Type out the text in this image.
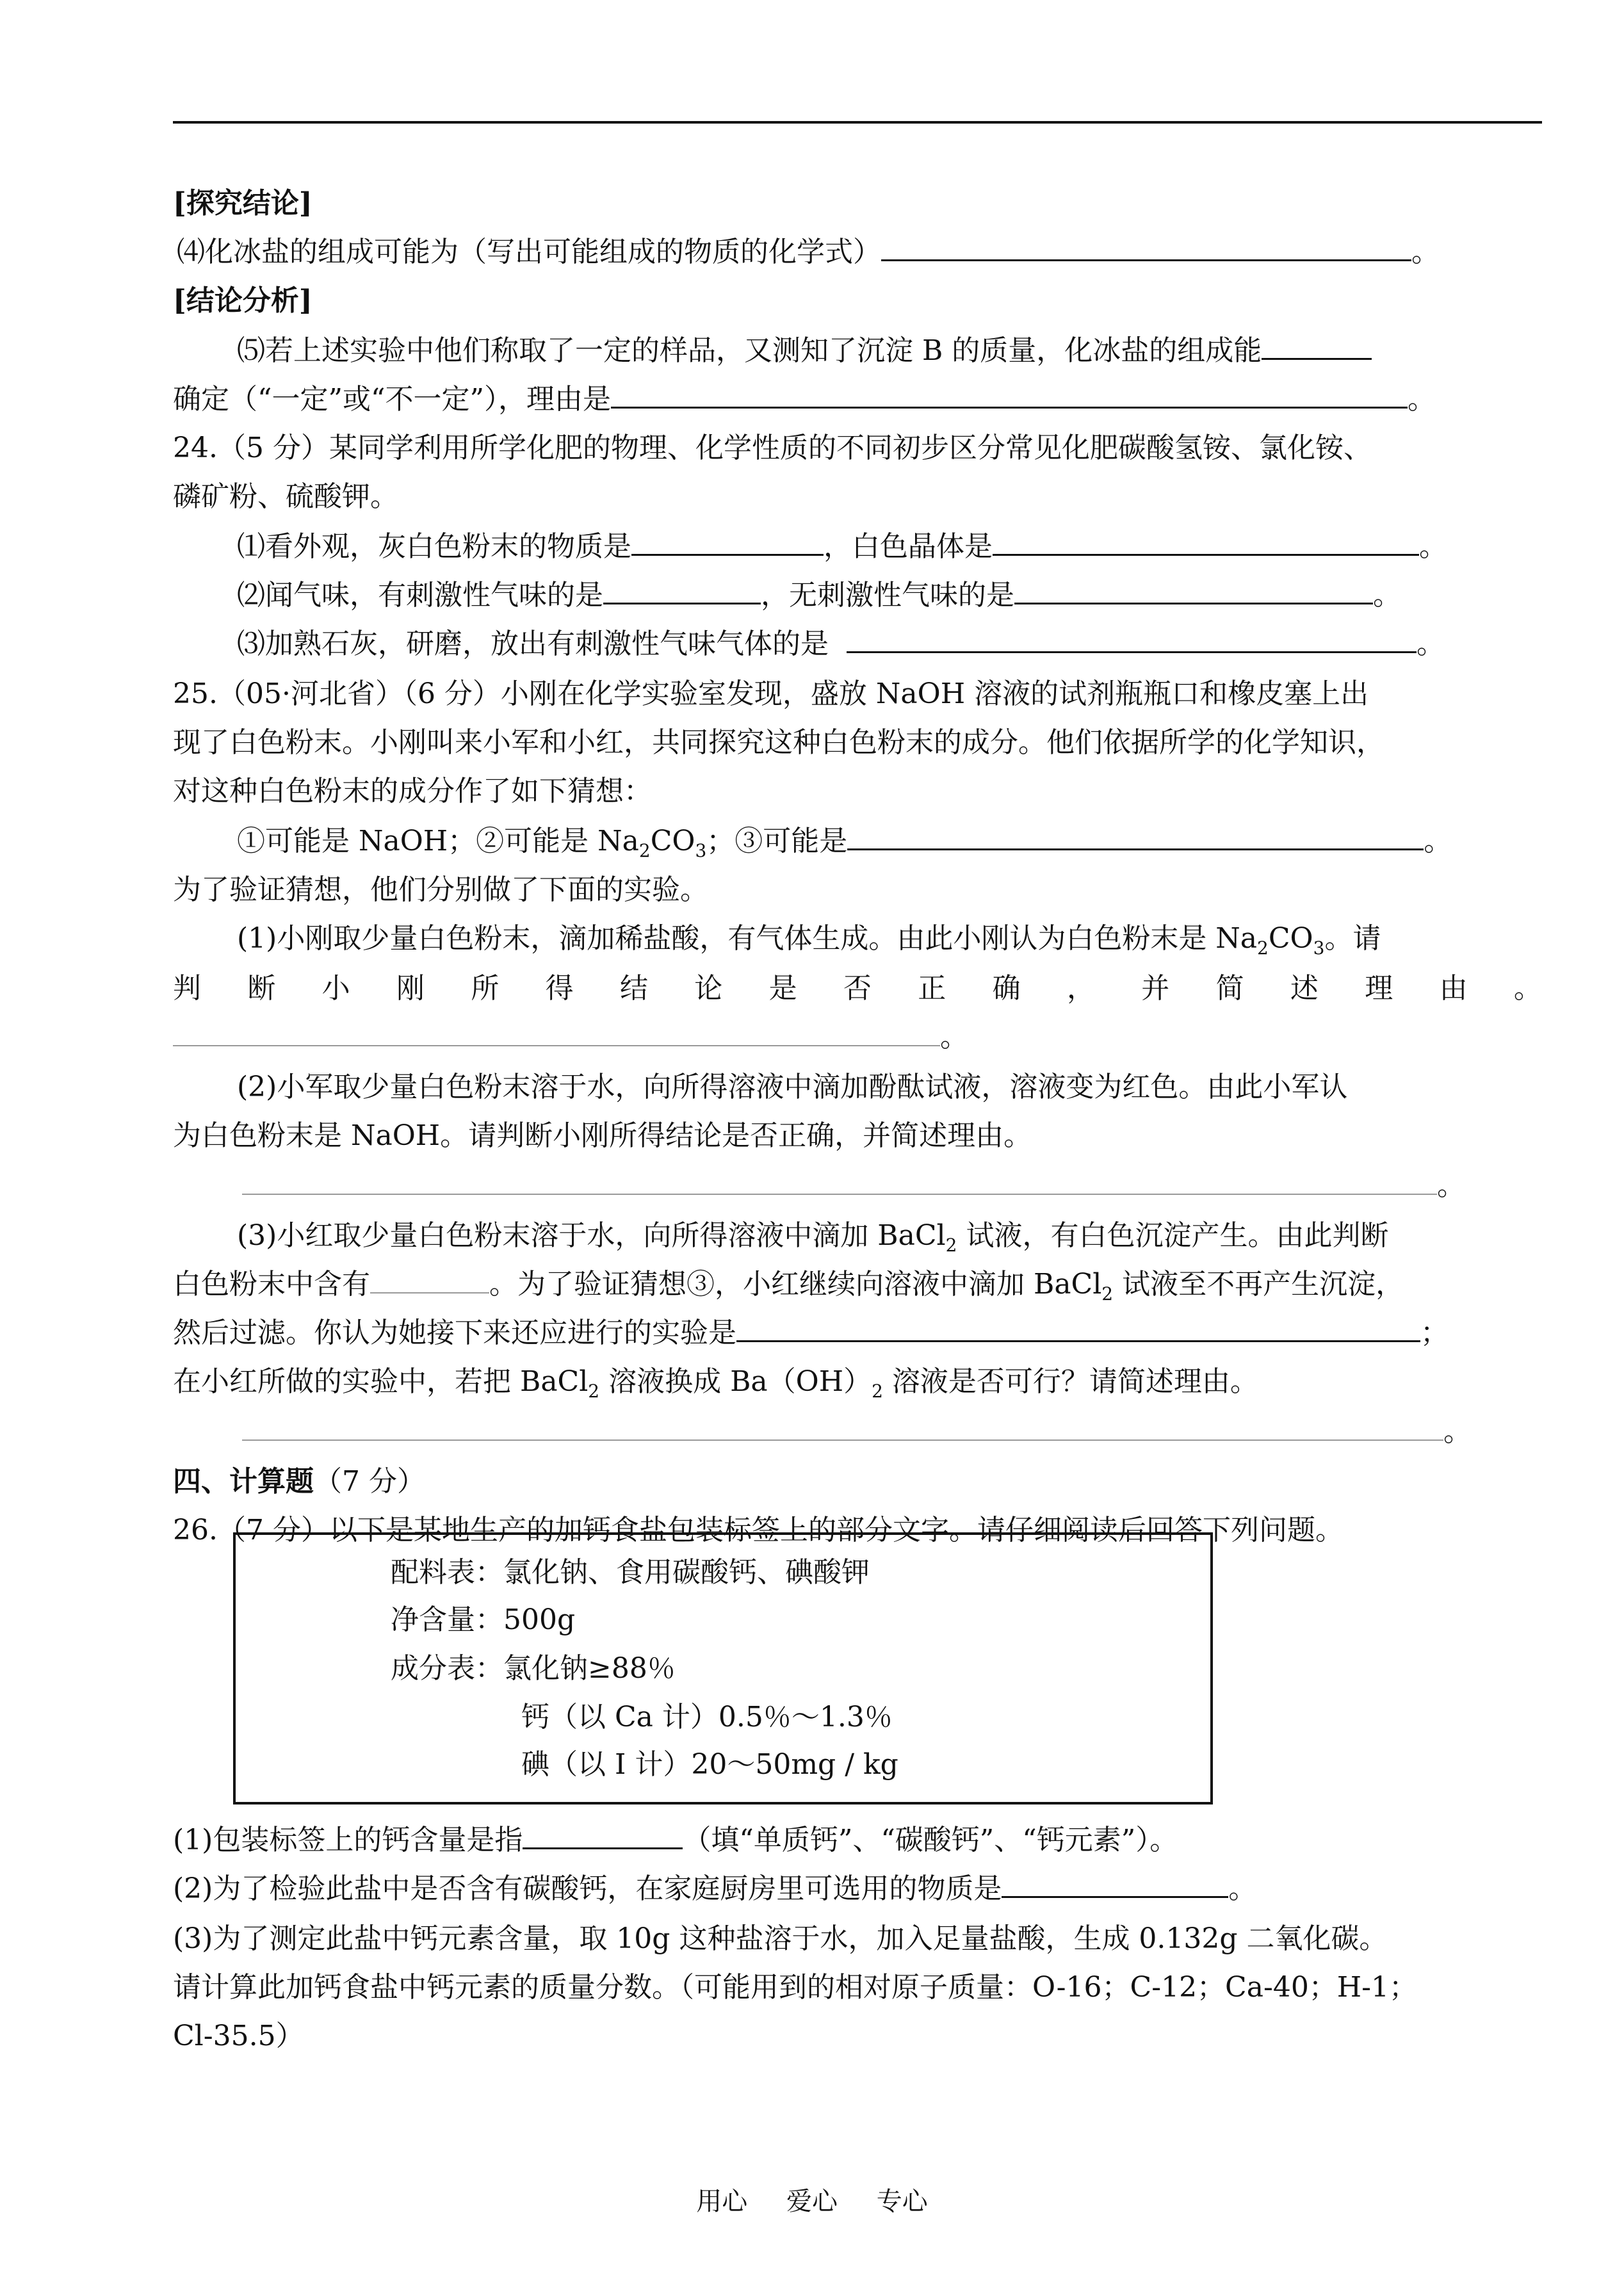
[探究结论]
⑷化冰盐的组成可能为（写出可能组成的物质的化学式）	。
[结论分析]
⑸若上述实验中他们称取了一定的样品，又测知了沉淀 B 的质量，化冰盐的组成能
确定（“一定”或“不一定”），理由是	。
24.（5 分）某同学利用所学化肥的物理、化学性质的不同初步区分常见化肥碳酸氢铵、氯化铵、
磷矿粉、硫酸钾。
⑴看外观，灰白色粉末的物质是	，白色晶体是	。
⑵闻气味，有刺激性气味的是	，无刺激性气味的是	。
⑶加熟石灰，研磨，放出有刺激性气味气体的是	。
25.（05·河北省）（6 分）小刚在化学实验室发现，盛放 NaOH 溶液的试剂瓶瓶口和橡皮塞上出
现了白色粉末。小刚叫来小军和小红，共同探究这种白色粉末的成分。他们依据所学的化学知识，
对这种白色粉末的成分作了如下猜想：
①可能是 NaOH；②可能是 $Na_2CO_3$；③可能是	。
为了验证猜想，他们分别做了下面的实验。
(1)小刚取少量白色粉末，滴加稀盐酸，有气体生成。由此小刚认为白色粉末是 $Na_2CO_3$。请
判 断 小 刚 所 得 结 论 是 否 正 确 ， 并 简 述 理 由 。
。
(2)小军取少量白色粉末溶于水，向所得溶液中滴加酚酞试液，溶液变为红色。由此小军认
为白色粉末是 NaOH。请判断小刚所得结论是否正确，并简述理由。
。
(3)小红取少量白色粉末溶于水，向所得溶液中滴加 BaCl$_2$ 试液，有白色沉淀产生。由此判断
白色粉末中含有	。为了验证猜想③，小红继续向溶液中滴加 BaCl$_2$ 试液至不再产生沉淀，
然后过滤。你认为她接下来还应进行的实验是	；
在小红所做的实验中，若把 BaCl$_2$ 溶液换成 $Ba(OH)_2$ 溶液是否可行？请简述理由。
。
四、计算题（7 分）
26.（7 分）以下是某地生产的加钙食盐包装标签上的部分文字。请仔细阅读后回答下列问题。
配料表：氯化钠、食用碳酸钙、碘酸钾
净含量：500g
成分表：氯化钠≥88％
钙（以 Ca 计）0.5％～1.3％
碘（以 I 计）20～50mg / kg
(1)包装标签上的钙含量是指	（填“单质钙”、“碳酸钙”、“钙元素”）。
(2)为了检验此盐中是否含有碳酸钙，在家庭厨房里可选用的物质是	。
(3)为了测定此盐中钙元素含量，取 10g 这种盐溶于水，加入足量盐酸，生成 0.132g 二氧化碳。
请计算此加钙食盐中钙元素的质量分数。（可能用到的相对原子质量：O-16；C-12；Ca-40；H-1；
Cl-35.5）
用心 爱心 专心
